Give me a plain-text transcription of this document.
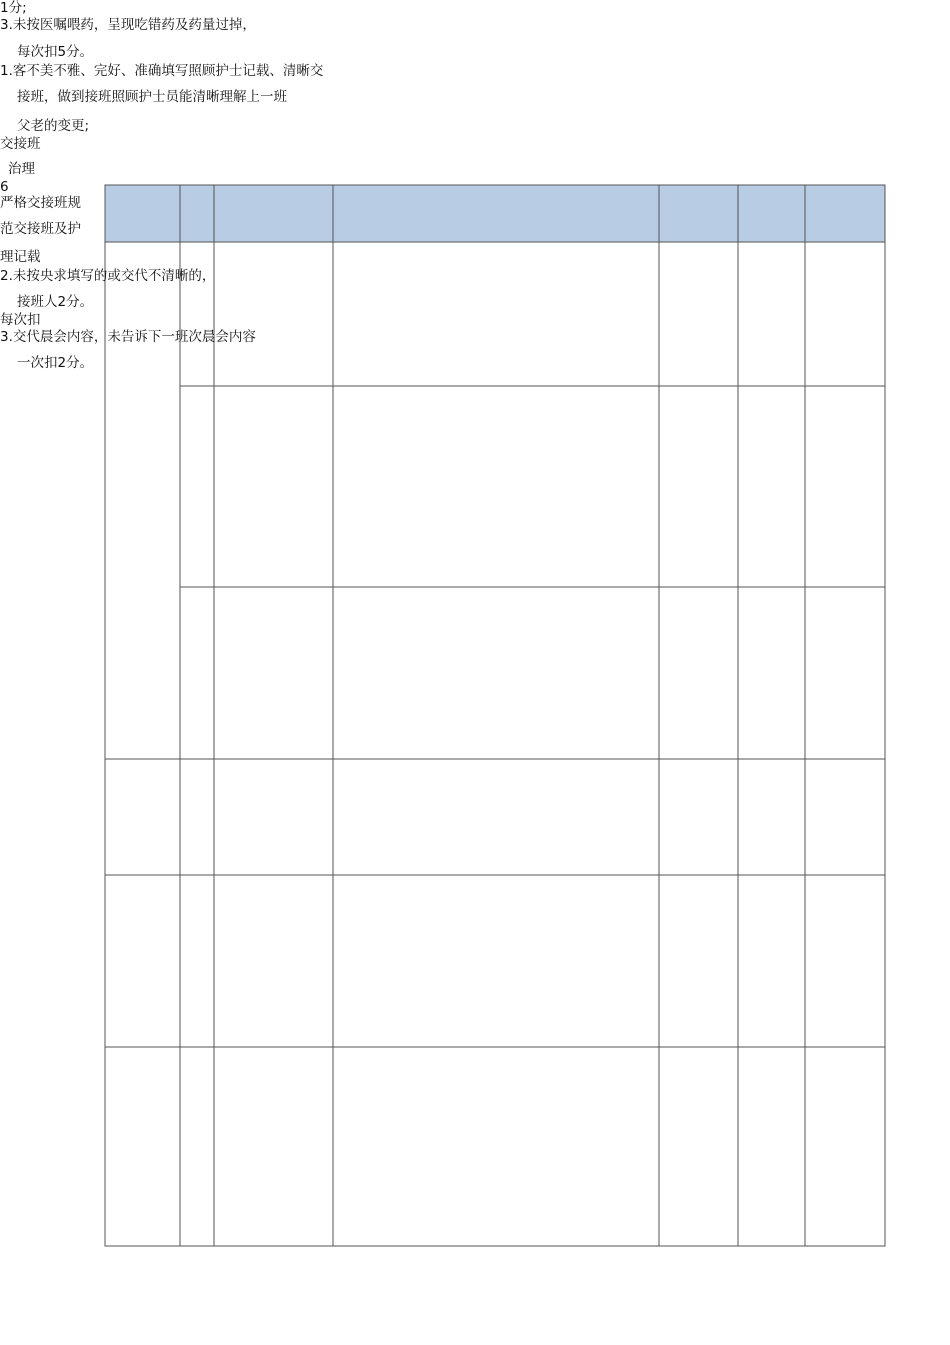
1分;
3.未按医嘱喂药，呈现吃错药及药量过掉，
每次扣5分。
1.客不美不雅、完好、准确填写照顾护士记载、清晰交
接班，做到接班照顾护士员能清晰理解上一班
父老的变更;
交接班
治理
6
严格交接班规
范交接班及护
理记载
2.未按央求填写的或交代不清晰的，
接班人2分。
每次扣
3.交代晨会内容，未告诉下一班次晨会内容
一次扣2分。
